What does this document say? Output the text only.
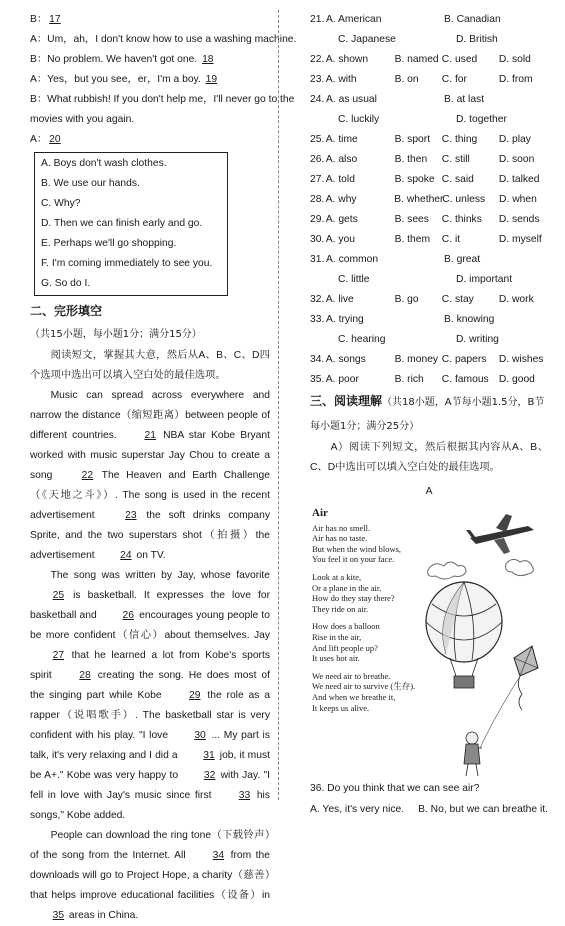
B： 17
A：Um，ah，I don't know how to use a washing machine.
B：No problem. We haven't got one. 18
A：Yes，but you see，er，I'm a boy. 19
B：What rubbish! If you don't help me，I'll never go to the
movies with you again.
A： 20
A. Boys don't wash clothes.
B. We use our hands.
C. Why?
D. Then we can finish early and go.
E. Perhaps we'll go shopping.
F. I'm coming immediately to see you.
G. So do I.
二、完形填空（共15小题，每小题1分；满分15分）
阅读短文，掌握其大意，然后从A、B、C、D四个选项中选出可以填入空白处的最佳选项。
Music can spread across everywhere and narrow the distance（缩短距离）between people of different countries. 21 NBA star Kobe Bryant worked with music superstar Jay Chou to create a song 22 The Heaven and Earth Challenge（《天地之斗》）. The song is used in the recent advertisement 23 the soft drinks company Sprite, and the two superstars shot（拍摄）the advertisement 24 on TV.
The song was written by Jay, whose favorite 25 is basketball. It expresses the love for basketball and 26 encourages young people to be more confident（信心）about themselves. Jay 27 that he learned a lot from Kobe's sports spirit 28 creating the song. He does most of the singing part while Kobe 29 the role as a rapper（说唱歌手）. The basketball star is very confident with his play. "I love 30 ... My part is talk, it's very relaxing and I did a 31 job, it must be A+." Kobe was very happy to 32 with Jay. "I fell in love with Jay's music since first 33 his songs," Kobe added.
People can download the ring tone（下载铃声）of the song from the Internet. All 34 from the downloads will go to Project Hope, a charity（慈善）that helps improve educational facilities（设备）in 35 areas in China.
21. A. American	B. Canadian
C. Japanese	D. British
22. A. shown	B. named C. used	D. sold
23. A. with	B. on	C. for	D. from
24. A. as usual	B. at last
C. luckily	D. together
25. A. time	B. sport	C. thing	D. play
26. A. also	B. then	C. still	D. soon
27. A. told	B. spoke C. said	D. talked
28. A. why	B. whether
C. unless	D. when
29. A. gets	B. sees	C. thinks	D. sends
30. A. you	B. them	C. it	D. myself
31. A. common	B. great
C. little	D. important
32. A. live	B. go	C. stay	D. work
33. A. trying	B. knowing
C. hearing	D. writing
34. A. songs	B. money C. papers	D. wishes
35. A. poor	B. rich	C. famous D. good
三、阅读理解（共18小题，A节每小题1.5分，B节每小题1分；满分25分）
A）阅读下列短文，然后根据其内容从A、B、C、D中选出可以填入空白处的最佳选项。
A
Air
Air has no smell.
Air has no taste.
But when the wind blows,
You feel it on your face.
Look at a kite,
Or a plane in the air.
How do they stay there?
They ride on air.
How does a balloon
Rise in the air,
And lift people up?
It uses hot air.
We need air to breathe.
We need air to survive (生存).
And when we breathe it,
It keeps us alive.
36. Do you think that we can see air?
A. Yes, it's very nice.	B. No, but we can breathe it.
